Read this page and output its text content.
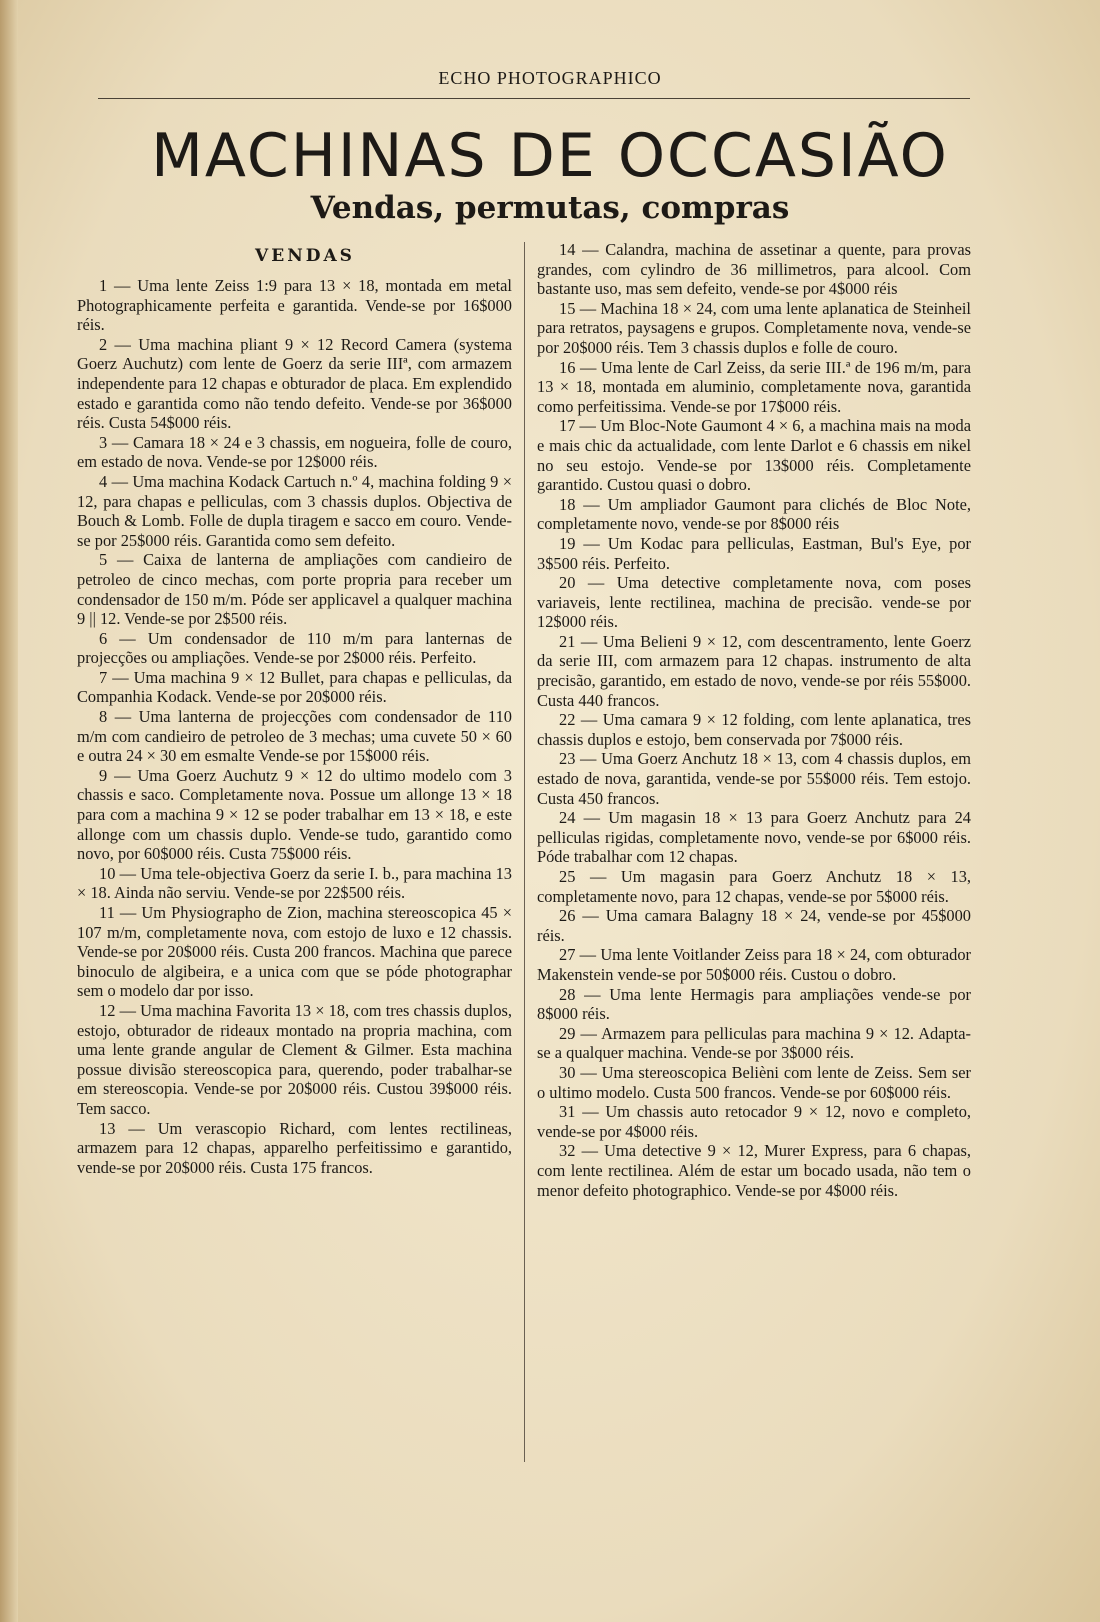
ECHO PHOTOGRAPHICO
MACHINAS DE OCCASIÃO
Vendas, permutas, compras
VENDAS

1 — Uma lente Zeiss 1:9 para 13 × 18, montada em metal Photographicamente perfeita e garantida. Vende-se por 16$000 réis.

2 — Uma machina pliant 9 × 12 Record Camera (systema Goerz Auchutz) com lente de Goerz da serie IIIª, com armazem independente para 12 chapas e obturador de placa. Em explendido estado e garantida como não tendo defeito. Vende-se por 36$000 réis. Custa 54$000 réis.

3 — Camara 18 × 24 e 3 chassis, em nogueira, folle de couro, em estado de nova. Vende-se por 12$000 réis.

4 — Uma machina Kodack Cartuch n.º 4, machina folding 9 × 12, para chapas e pelliculas, com 3 chassis duplos. Objectiva de Bouch & Lomb. Folle de dupla tiragem e sacco em couro. Vende-se por 25$000 réis. Garantida como sem defeito.

5 — Caixa de lanterna de ampliações com candieiro de petroleo de cinco mechas, com porte propria para receber um condensador de 150 m/m. Póde ser applicavel a qualquer machina 9 || 12. Vende-se por 2$500 réis.

6 — Um condensador de 110 m/m para lanternas de projecções ou ampliações. Vende-se por 2$000 réis. Perfeito.

7 — Uma machina 9 × 12 Bullet, para chapas e pelliculas, da Companhia Kodack. Vende-se por 20$000 réis.

8 — Uma lanterna de projecções com condensador de 110 m/m com candieiro de petroleo de 3 mechas; uma cuvete 50 × 60 e outra 24 × 30 em esmalte Vende-se por 15$000 réis.

9 — Uma Goerz Auchutz 9 × 12 do ultimo modelo com 3 chassis e saco. Completamente nova. Possue um allonge 13 × 18 para com a machina 9 × 12 se poder trabalhar em 13 × 18, e este allonge com um chassis duplo. Vende-se tudo, garantido como novo, por 60$000 réis. Custa 75$000 réis.

10 — Uma tele-objectiva Goerz da serie I. b., para machina 13 × 18. Ainda não serviu. Vende-se por 22$500 réis.

11 — Um Physiographo de Zion, machina stereoscopica 45 × 107 m/m, completamente nova, com estojo de luxo e 12 chassis. Vende-se por 20$000 réis. Custa 200 francos. Machina que parece binoculo de algibeira, e a unica com que se póde photographar sem o modelo dar por isso.

12 — Uma machina Favorita 13 × 18, com tres chassis duplos, estojo, obturador de rideaux montado na propria machina, com uma lente grande angular de Clement & Gilmer. Esta machina possue divisão stereoscopica para, querendo, poder trabalhar-se em stereoscopia. Vende-se por 20$000 réis. Custou 39$000 réis. Tem sacco.

13 — Um verascopio Richard, com lentes rectilineas, armazem para 12 chapas, apparelho perfeitissimo e garantido, vende-se por 20$000 réis. Custa 175 francos.

14 — Calandra, machina de assetinar a quente, para provas grandes, com cylindro de 36 millimetros, para alcool. Com bastante uso, mas sem defeito, vende-se por 4$000 réis

15 — Machina 18 × 24, com uma lente aplanatica de Steinheil para retratos, paysagens e grupos. Completamente nova, vende-se por 20$000 réis. Tem 3 chassis duplos e folle de couro.

16 — Uma lente de Carl Zeiss, da serie III.ª de 196 m/m, para 13 × 18, montada em aluminio, completamente nova, garantida como perfeitissima. Vende-se por 17$000 réis.

17 — Um Bloc-Note Gaumont 4 × 6, a machina mais na moda e mais chic da actualidade, com lente Darlot e 6 chassis em nikel no seu estojo. Vende-se por 13$000 réis. Completamente garantido. Custou quasi o dobro.

18 — Um ampliador Gaumont para clichés de Bloc Note, completamente novo, vende-se por 8$000 réis

19 — Um Kodac para pelliculas, Eastman, Bul's Eye, por 3$500 réis. Perfeito.

20 — Uma detective completamente nova, com poses variaveis, lente rectilinea, machina de precisão. vende-se por 12$000 réis.

21 — Uma Belieni 9 × 12, com descentramento, lente Goerz da serie III, com armazem para 12 chapas. instrumento de alta precisão, garantido, em estado de novo, vende-se por réis 55$000. Custa 440 francos.

22 — Uma camara 9 × 12 folding, com lente aplanatica, tres chassis duplos e estojo, bem conservada por 7$000 réis.

23 — Uma Goerz Anchutz 18 × 13, com 4 chassis duplos, em estado de nova, garantida, vende-se por 55$000 réis. Tem estojo. Custa 450 francos.

24 — Um magasin 18 × 13 para Goerz Anchutz para 24 pelliculas rigidas, completamente novo, vende-se por 6$000 réis. Póde trabalhar com 12 chapas.

25 — Um magasin para Goerz Anchutz 18 × 13, completamente novo, para 12 chapas, vende-se por 5$000 réis.

26 — Uma camara Balagny 18 × 24, vende-se por 45$000 réis.

27 — Uma lente Voitlander Zeiss para 18 × 24, com obturador Makenstein vende-se por 50$000 réis. Custou o dobro.

28 — Uma lente Hermagis para ampliações vende-se por 8$000 réis.

29 — Armazem para pelliculas para machina 9 × 12. Adapta-se a qualquer machina. Vende-se por 3$000 réis.

30 — Uma stereoscopica Belièni com lente de Zeiss. Sem ser o ultimo modelo. Custa 500 francos. Vende-se por 60$000 réis.

31 — Um chassis auto retocador 9 × 12, novo e completo, vende-se por 4$000 réis.

32 — Uma detective 9 × 12, Murer Express, para 6 chapas, com lente rectilinea. Além de estar um bocado usada, não tem o menor defeito photographico. Vende-se por 4$000 réis.
